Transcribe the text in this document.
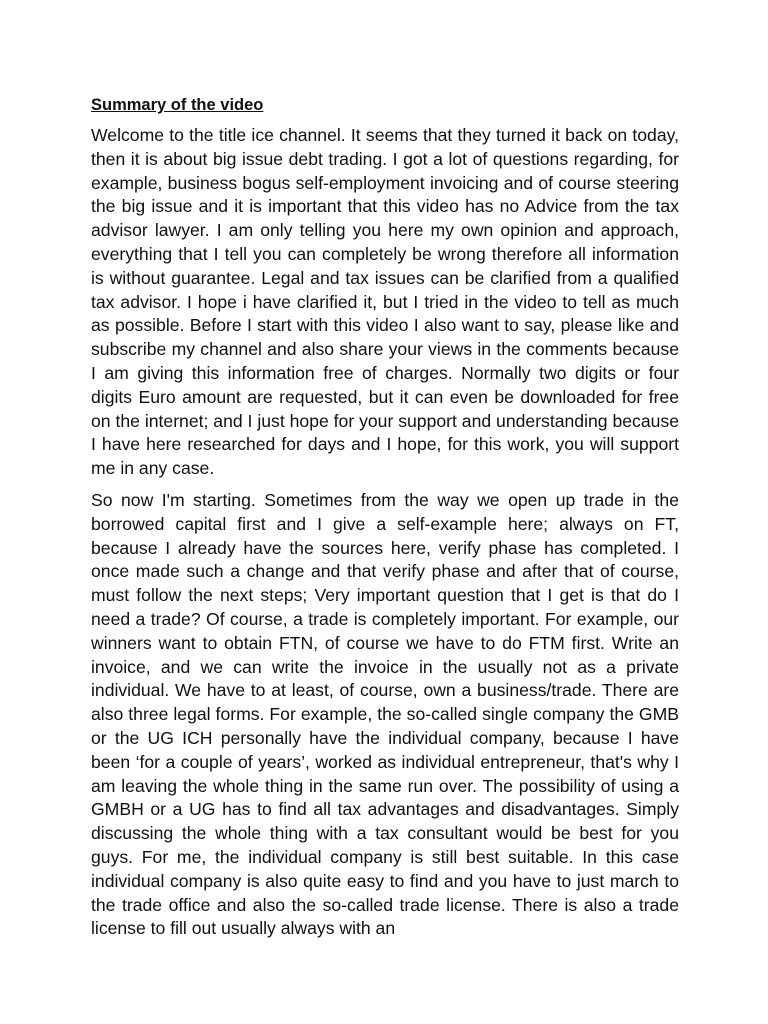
Summary of the video

Welcome to the title ice channel. It seems that they turned it back on today, then it is about big issue debt trading. I got a lot of questions regarding, for example, business bogus self-employment invoicing and of course steering the big issue and it is important that this video has no Advice from the tax advisor lawyer. I am only telling you here my own opinion and approach, everything that I tell you can completely be wrong therefore all information is without guarantee. Legal and tax issues can be clarified from a qualified tax advisor. I hope i have clarified it, but I tried in the video to tell as much as possible. Before I start with this video I also want to say, please like and subscribe my channel and also share your views in the comments because I am giving this information free of charges. Normally two digits or four digits Euro amount are requested, but it can even be downloaded for free on the internet; and I just hope for your support and understanding because I have here researched for days and I hope, for this work, you will support me in any case.

So now I'm starting. Sometimes from the way we open up trade in the borrowed capital first and I give a self-example here; always on FT, because I already have the sources here, verify phase has completed. I once made such a change and that verify phase and after that of course, must follow the next steps; Very important question that I get is that do I need a trade? Of course, a trade is completely important. For example, our winners want to obtain FTN, of course we have to do FTM first. Write an invoice, and we can write the invoice in the usually not as a private individual. We have to at least, of course, own a business/trade. There are also three legal forms. For example, the so-called single company the GMB or the UG ICH personally have the individual company, because I have been ‘for a couple of years’, worked as individual entrepreneur, that's why I am leaving the whole thing in the same run over. The possibility of using a GMBH or a UG has to find all tax advantages and disadvantages. Simply discussing the whole thing with a tax consultant would be best for you guys. For me, the individual company is still best suitable. In this case individual company is also quite easy to find and you have to just march to the trade office and also the so-called trade license. There is also a trade license to fill out usually always with an
